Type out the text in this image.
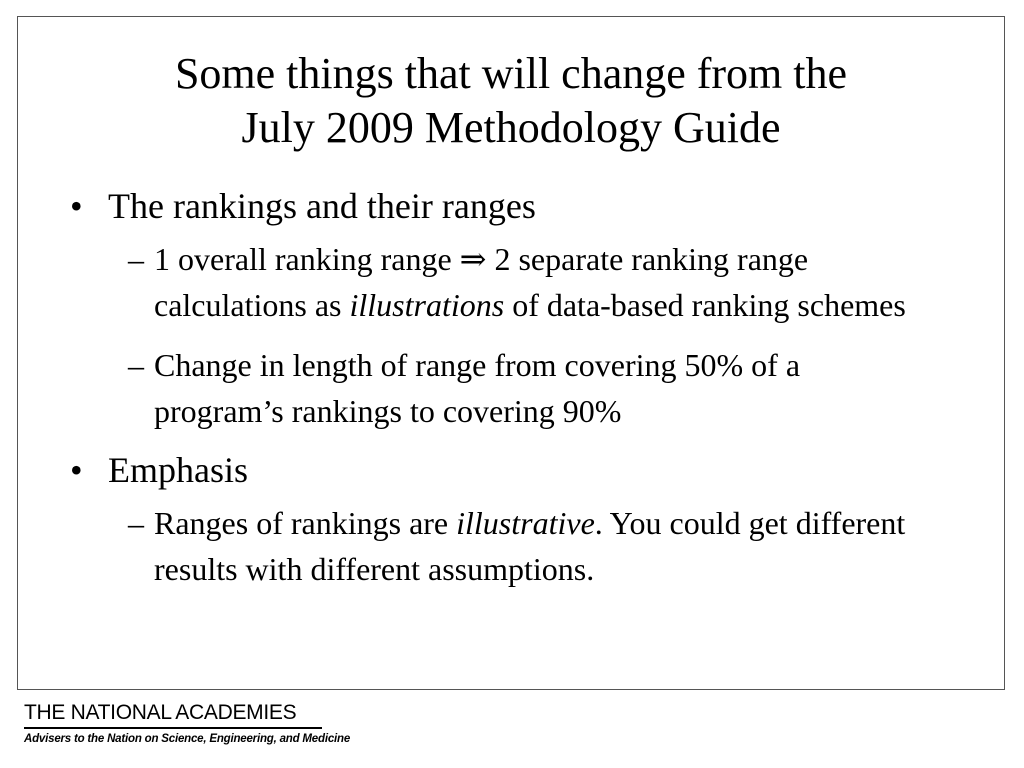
Some things that will change from the
July 2009 Methodology Guide

• The rankings and their ranges

– 1 overall ranking range ⇒ 2 separate ranking range calculations as illustrations of data-based ranking schemes

– Change in length of range from covering 50% of a program’s rankings to covering 90%

• Emphasis

– Ranges of rankings are illustrative. You could get different results with different assumptions.

THE NATIONAL ACADEMIES
Advisers to the Nation on Science, Engineering, and Medicine
